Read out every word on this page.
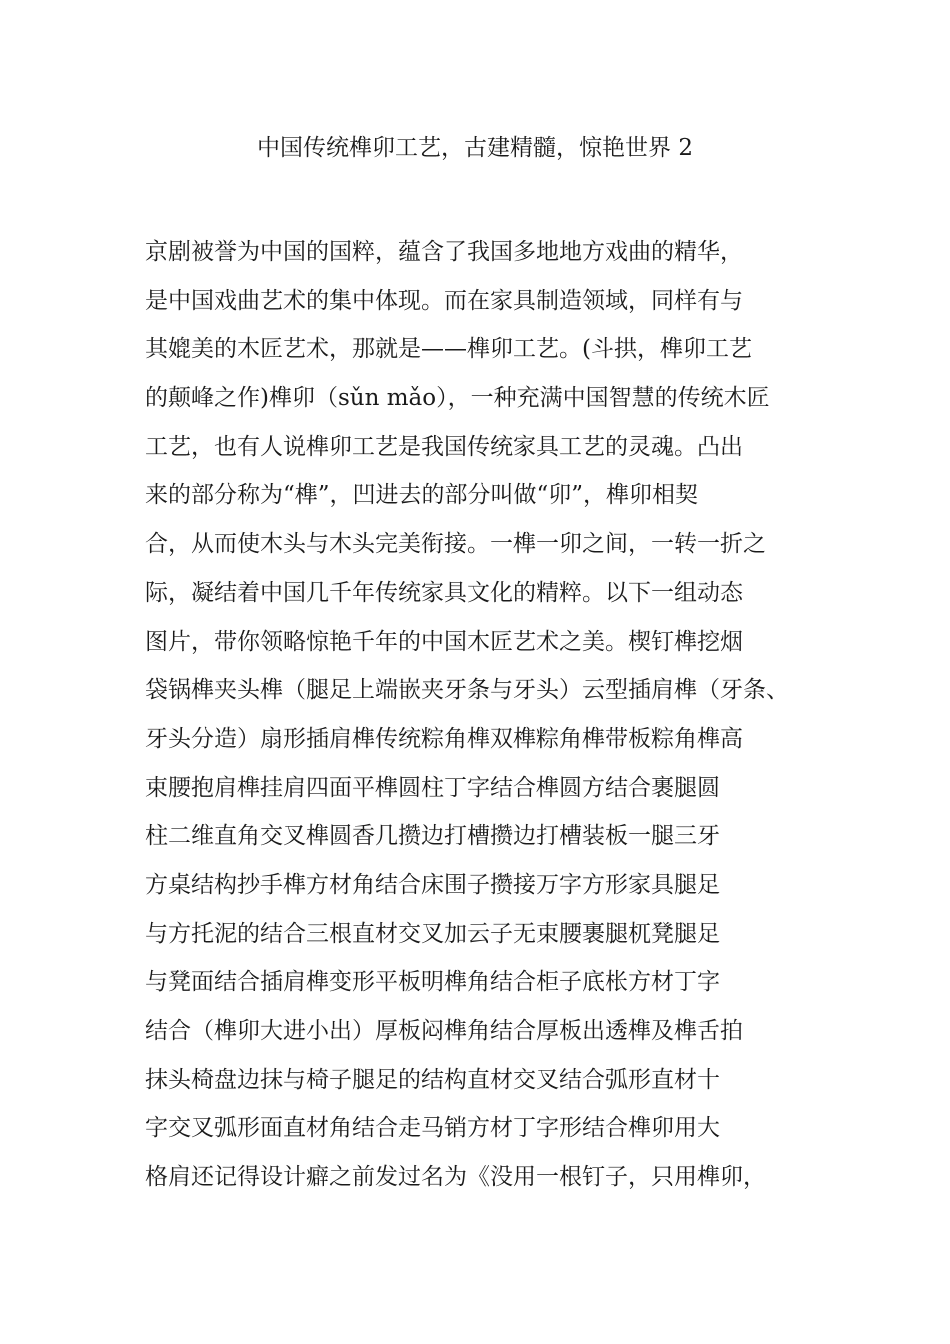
中国传统榫卯工艺，古建精髓，惊艳世界 2
京剧被誉为中国的国粹，蕴含了我国多地地方戏曲的精华，
是中国戏曲艺术的集中体现。而在家具制造领域，同样有与
其媲美的木匠艺术，那就是——榫卯工艺。(斗拱，榫卯工艺
的颠峰之作)榫卯（sǔn mǎo），一种充满中国智慧的传统木匠
工艺，也有人说榫卯工艺是我国传统家具工艺的灵魂。凸出
来的部分称为“榫”，凹进去的部分叫做“卯”，榫卯相契
合，从而使木头与木头完美衔接。一榫一卯之间，一转一折之
际，凝结着中国几千年传统家具文化的精粹。以下一组动态
图片，带你领略惊艳千年的中国木匠艺术之美。楔钉榫挖烟
袋锅榫夹头榫（腿足上端嵌夹牙条与牙头）云型插肩榫（牙条、
牙头分造）扇形插肩榫传统粽角榫双榫粽角榫带板粽角榫高
束腰抱肩榫挂肩四面平榫圆柱丁字结合榫圆方结合裹腿圆
柱二维直角交叉榫圆香几攒边打槽攒边打槽装板一腿三牙
方桌结构抄手榫方材角结合床围子攒接万字方形家具腿足
与方托泥的结合三根直材交叉加云子无束腰裹腿杌凳腿足
与凳面结合插肩榫变形平板明榫角结合柜子底枨方材丁字
结合（榫卯大进小出）厚板闷榫角结合厚板出透榫及榫舌拍
抹头椅盘边抹与椅子腿足的结构直材交叉结合弧形直材十
字交叉弧形面直材角结合走马销方材丁字形结合榫卯用大
格肩还记得设计癖之前发过名为《没用一根钉子，只用榫卯，
